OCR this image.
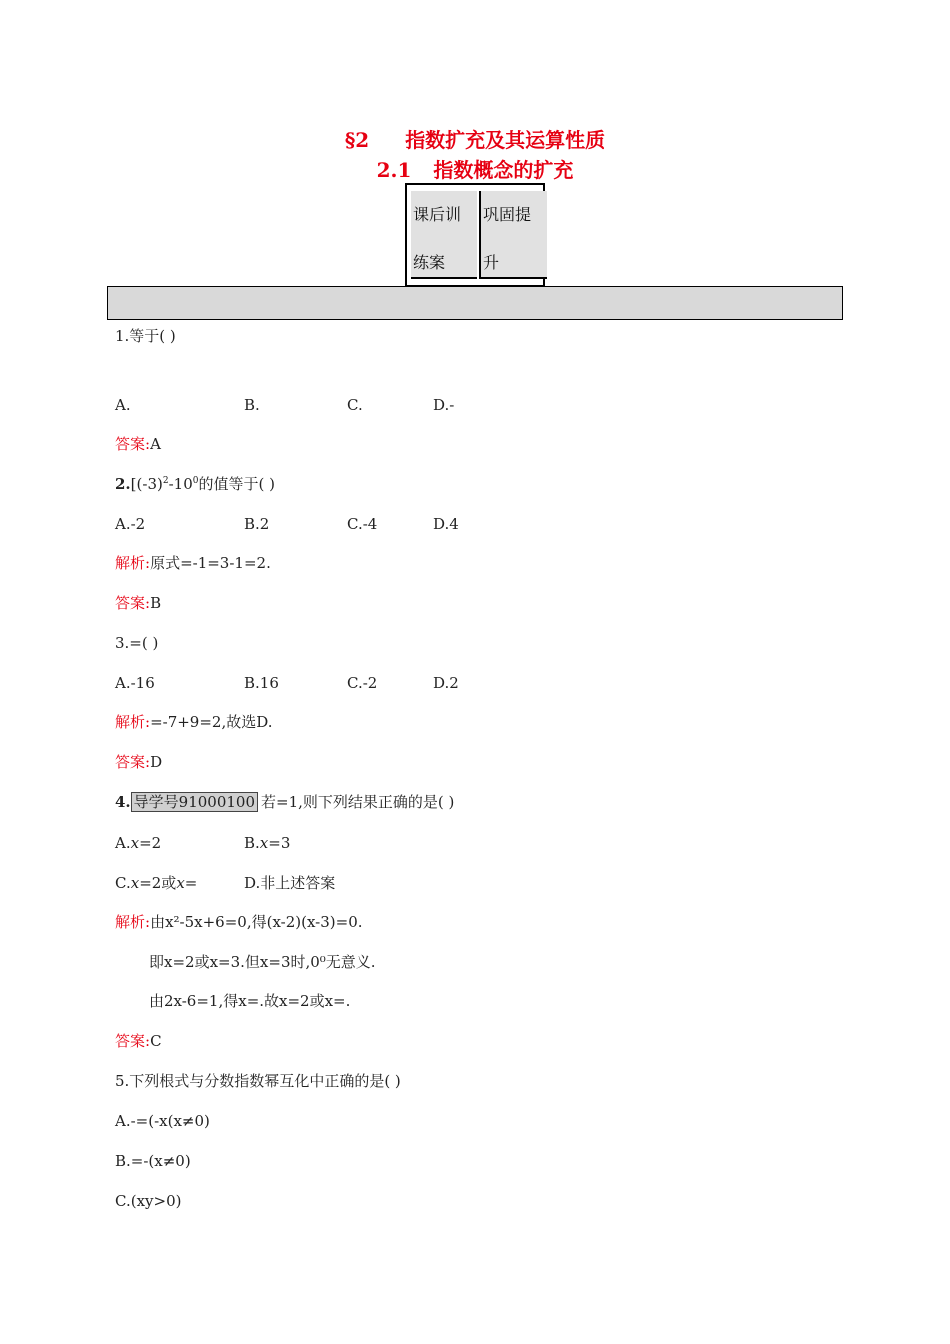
§2 指数扩充及其运算性质
2.1 指数概念的扩充
课后训
练案
巩固提
升
1.等于( )
A.	B.	C.	D.-
答案:A
$2.[(-3)^2-10^0$的值等于( )
A.-2	B.2	C.-4	D.4
解析:原式=-1=3-1=2.
答案:B
3.=( )
A.-16	B.16	C.-2	D.2
解析:=-7+9=2,故选D.
答案:D
4. 导学号91000100 若=1,则下列结果正确的是( )
A.x=2	B.x=3
C.x=2或x=	D.非上述答案
解析:由x²-5x+6=0,得(x-2)(x-3)=0.
即x=2或x=3.但x=3时,0⁰无意义.
由2x-6=1,得x=.故x=2或x=.
答案:C
5.下列根式与分数指数幂互化中正确的是( )
A.-=(-x(x≠0)
B.=-(x≠0)
C.(xy>0)
